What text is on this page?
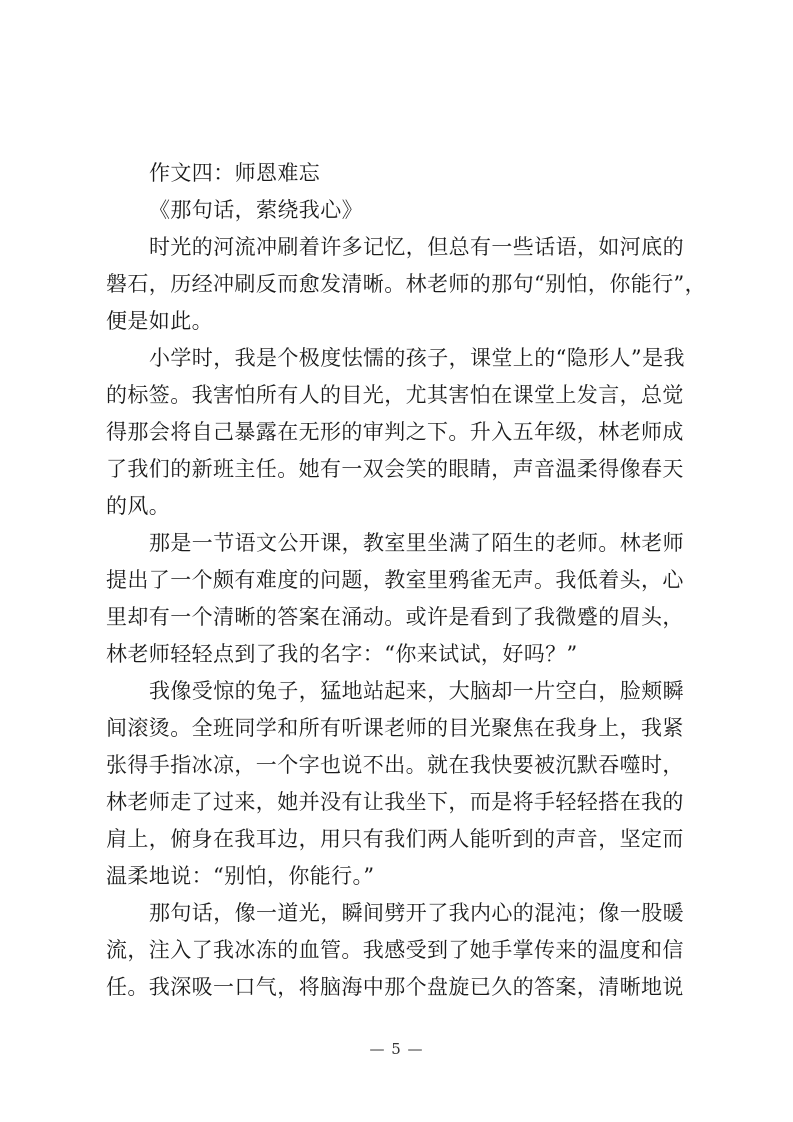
作文四：师恩难忘
《那句话，萦绕我心》
时光的河流冲刷着许多记忆，但总有一些话语，如河底的
磐石，历经冲刷反而愈发清晰。林老师的那句“别怕，你能行”，
便是如此。
小学时，我是个极度怯懦的孩子，课堂上的“隐形人”是我
的标签。我害怕所有人的目光，尤其害怕在课堂上发言，总觉
得那会将自己暴露在无形的审判之下。升入五年级，林老师成
了我们的新班主任。她有一双会笑的眼睛，声音温柔得像春天
的风。
那是一节语文公开课，教室里坐满了陌生的老师。林老师
提出了一个颇有难度的问题，教室里鸦雀无声。我低着头，心
里却有一个清晰的答案在涌动。或许是看到了我微蹙的眉头，
林老师轻轻点到了我的名字：“你来试试，好吗？”
我像受惊的兔子，猛地站起来，大脑却一片空白，脸颊瞬
间滚烫。全班同学和所有听课老师的目光聚焦在我身上，我紧
张得手指冰凉，一个字也说不出。就在我快要被沉默吞噬时，
林老师走了过来，她并没有让我坐下，而是将手轻轻搭在我的
肩上，俯身在我耳边，用只有我们两人能听到的声音，坚定而
温柔地说：“别怕，你能行。”
那句话，像一道光，瞬间劈开了我内心的混沌；像一股暖
流，注入了我冰冻的血管。我感受到了她手掌传来的温度和信
任。我深吸一口气，将脑海中那个盘旋已久的答案，清晰地说
— 5 —
